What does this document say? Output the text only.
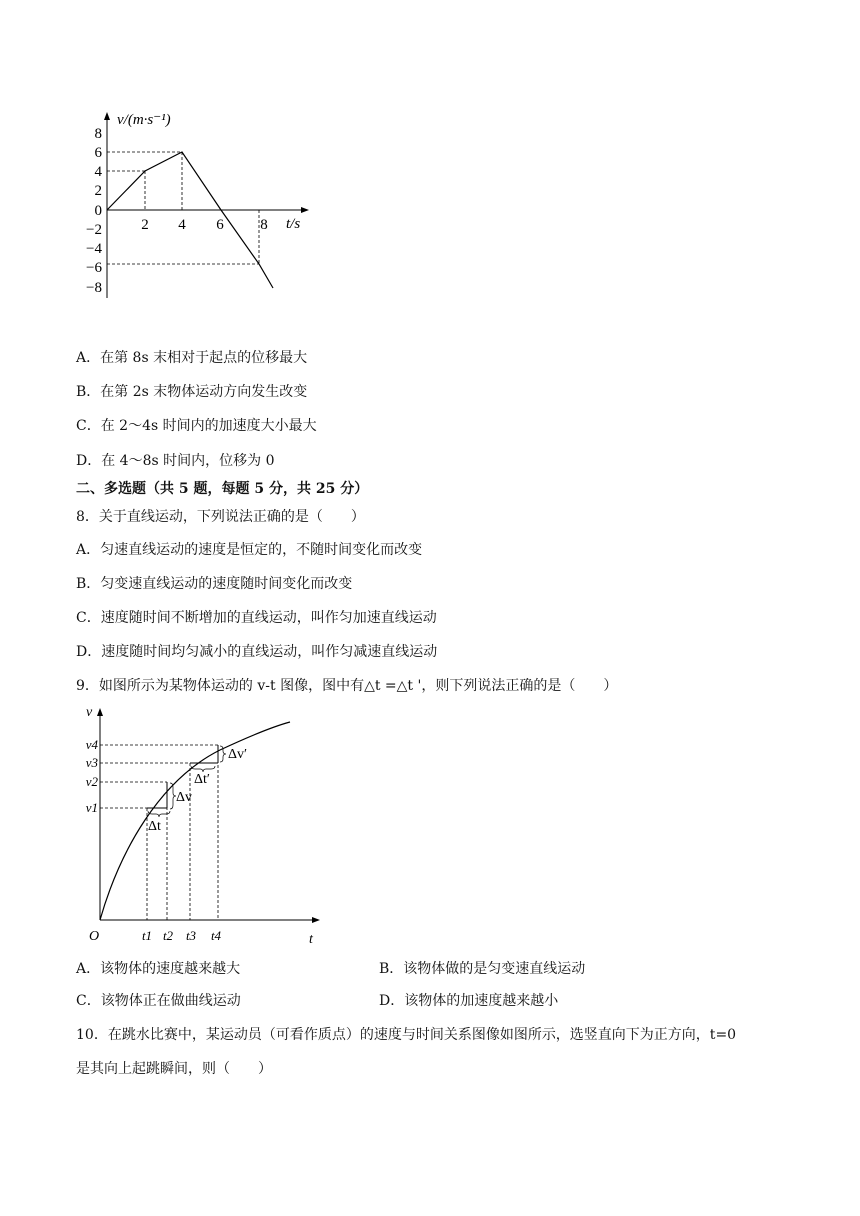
8
6
4
2
0
−2
−4
−6
−8
2 4 6 8
v/(m·s⁻¹)
t/s
A．在第 8s 末相对于起点的位移最大
B．在第 2s 末物体运动方向发生改变
C．在 2～4s 时间内的加速度大小最大
D．在 4～8s 时间内，位移为 0
二、多选题（共 5 题，每题 5 分，共 25 分）
8．关于直线运动，下列说法正确的是（　　）
A．匀速直线运动的速度是恒定的，不随时间变化而改变
B．匀变速直线运动的速度随时间变化而改变
C．速度随时间不断增加的直线运动，叫作匀加速直线运动
D．速度随时间均匀减小的直线运动，叫作匀减速直线运动
9．如图所示为某物体运动的 v-t 图像，图中有△t =△t '，则下列说法正确的是（　　）
v
t
O
v4
v3
v2
v1
t1 t2 t3 t4
Δt
Δv
Δt′
Δv′
A．该物体的速度越来越大	B．该物体做的是匀变速直线运动
C．该物体正在做曲线运动	D．该物体的加速度越来越小
10．在跳水比赛中，某运动员（可看作质点）的速度与时间关系图像如图所示，选竖直向下为正方向，t=0
是其向上起跳瞬间，则（　　）
